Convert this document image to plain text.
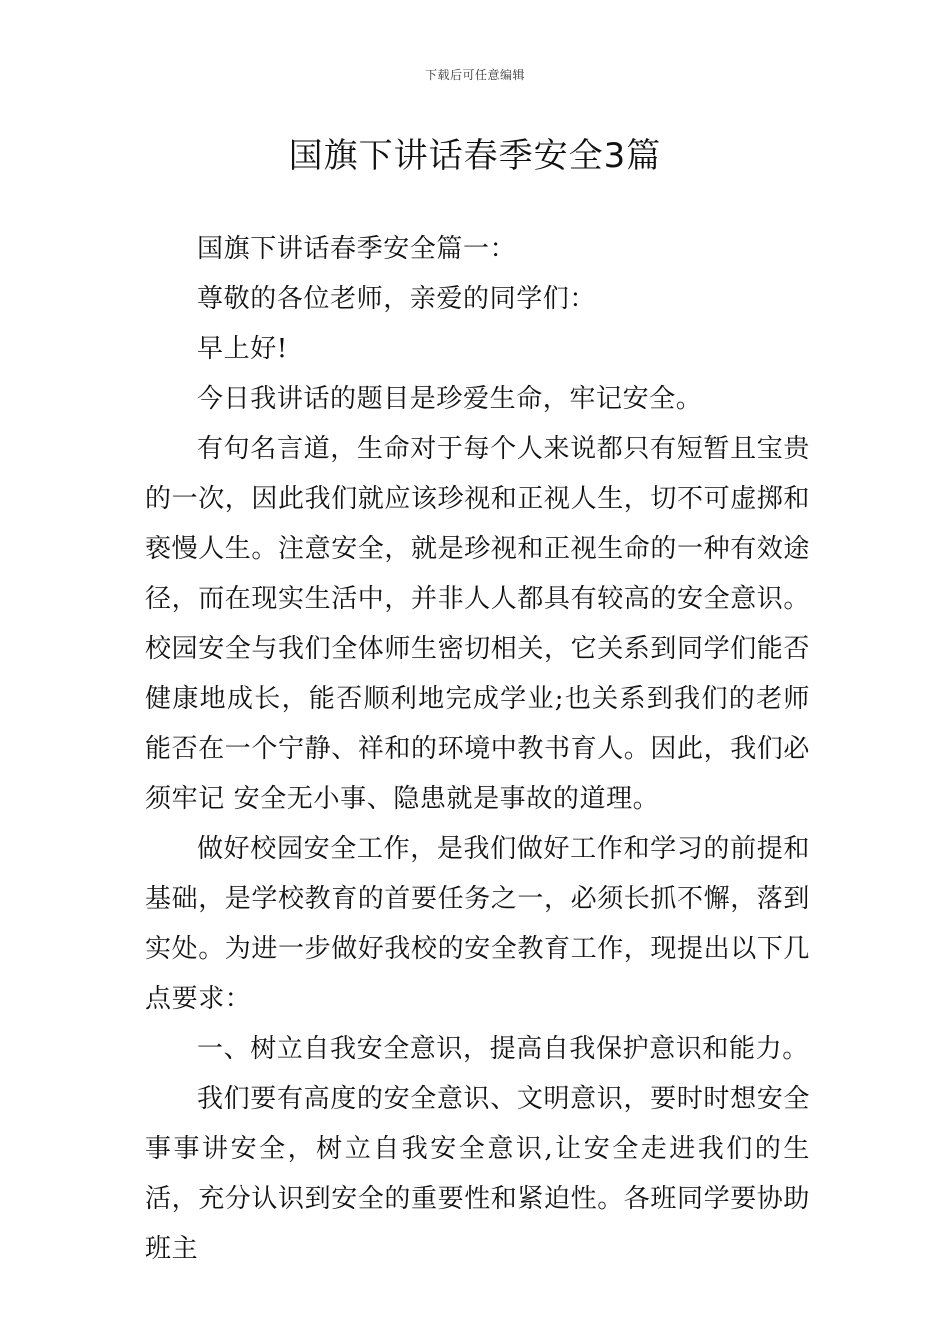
下载后可任意编辑
国旗下讲话春季安全3篇

国旗下讲话春季安全篇一：

尊敬的各位老师，亲爱的同学们：

早上好!

今日我讲话的题目是珍爱生命，牢记安全。

有句名言道，生命对于每个人来说都只有短暂且宝贵的一次，因此我们就应该珍视和正视人生，切不可虚掷和亵慢人生。注意安全，就是珍视和正视生命的一种有效途径，而在现实生活中，并非人人都具有较高的安全意识。校园安全与我们全体师生密切相关，它关系到同学们能否健康地成长，能否顺利地完成学业;也关系到我们的老师能否在一个宁静、祥和的环境中教书育人。因此，我们必须牢记 安全无小事、隐患就是事故的道理。

做好校园安全工作，是我们做好工作和学习的前提和基础，是学校教育的首要任务之一，必须长抓不懈，落到实处。为进一步做好我校的安全教育工作，现提出以下几点要求：

一、树立自我安全意识，提高自我保护意识和能力。

我们要有高度的安全意识、文明意识，要时时想安全事事讲安全，树立自我安全意识,让安全走进我们的生活，充分认识到安全的重要性和紧迫性。各班同学要协助班主
